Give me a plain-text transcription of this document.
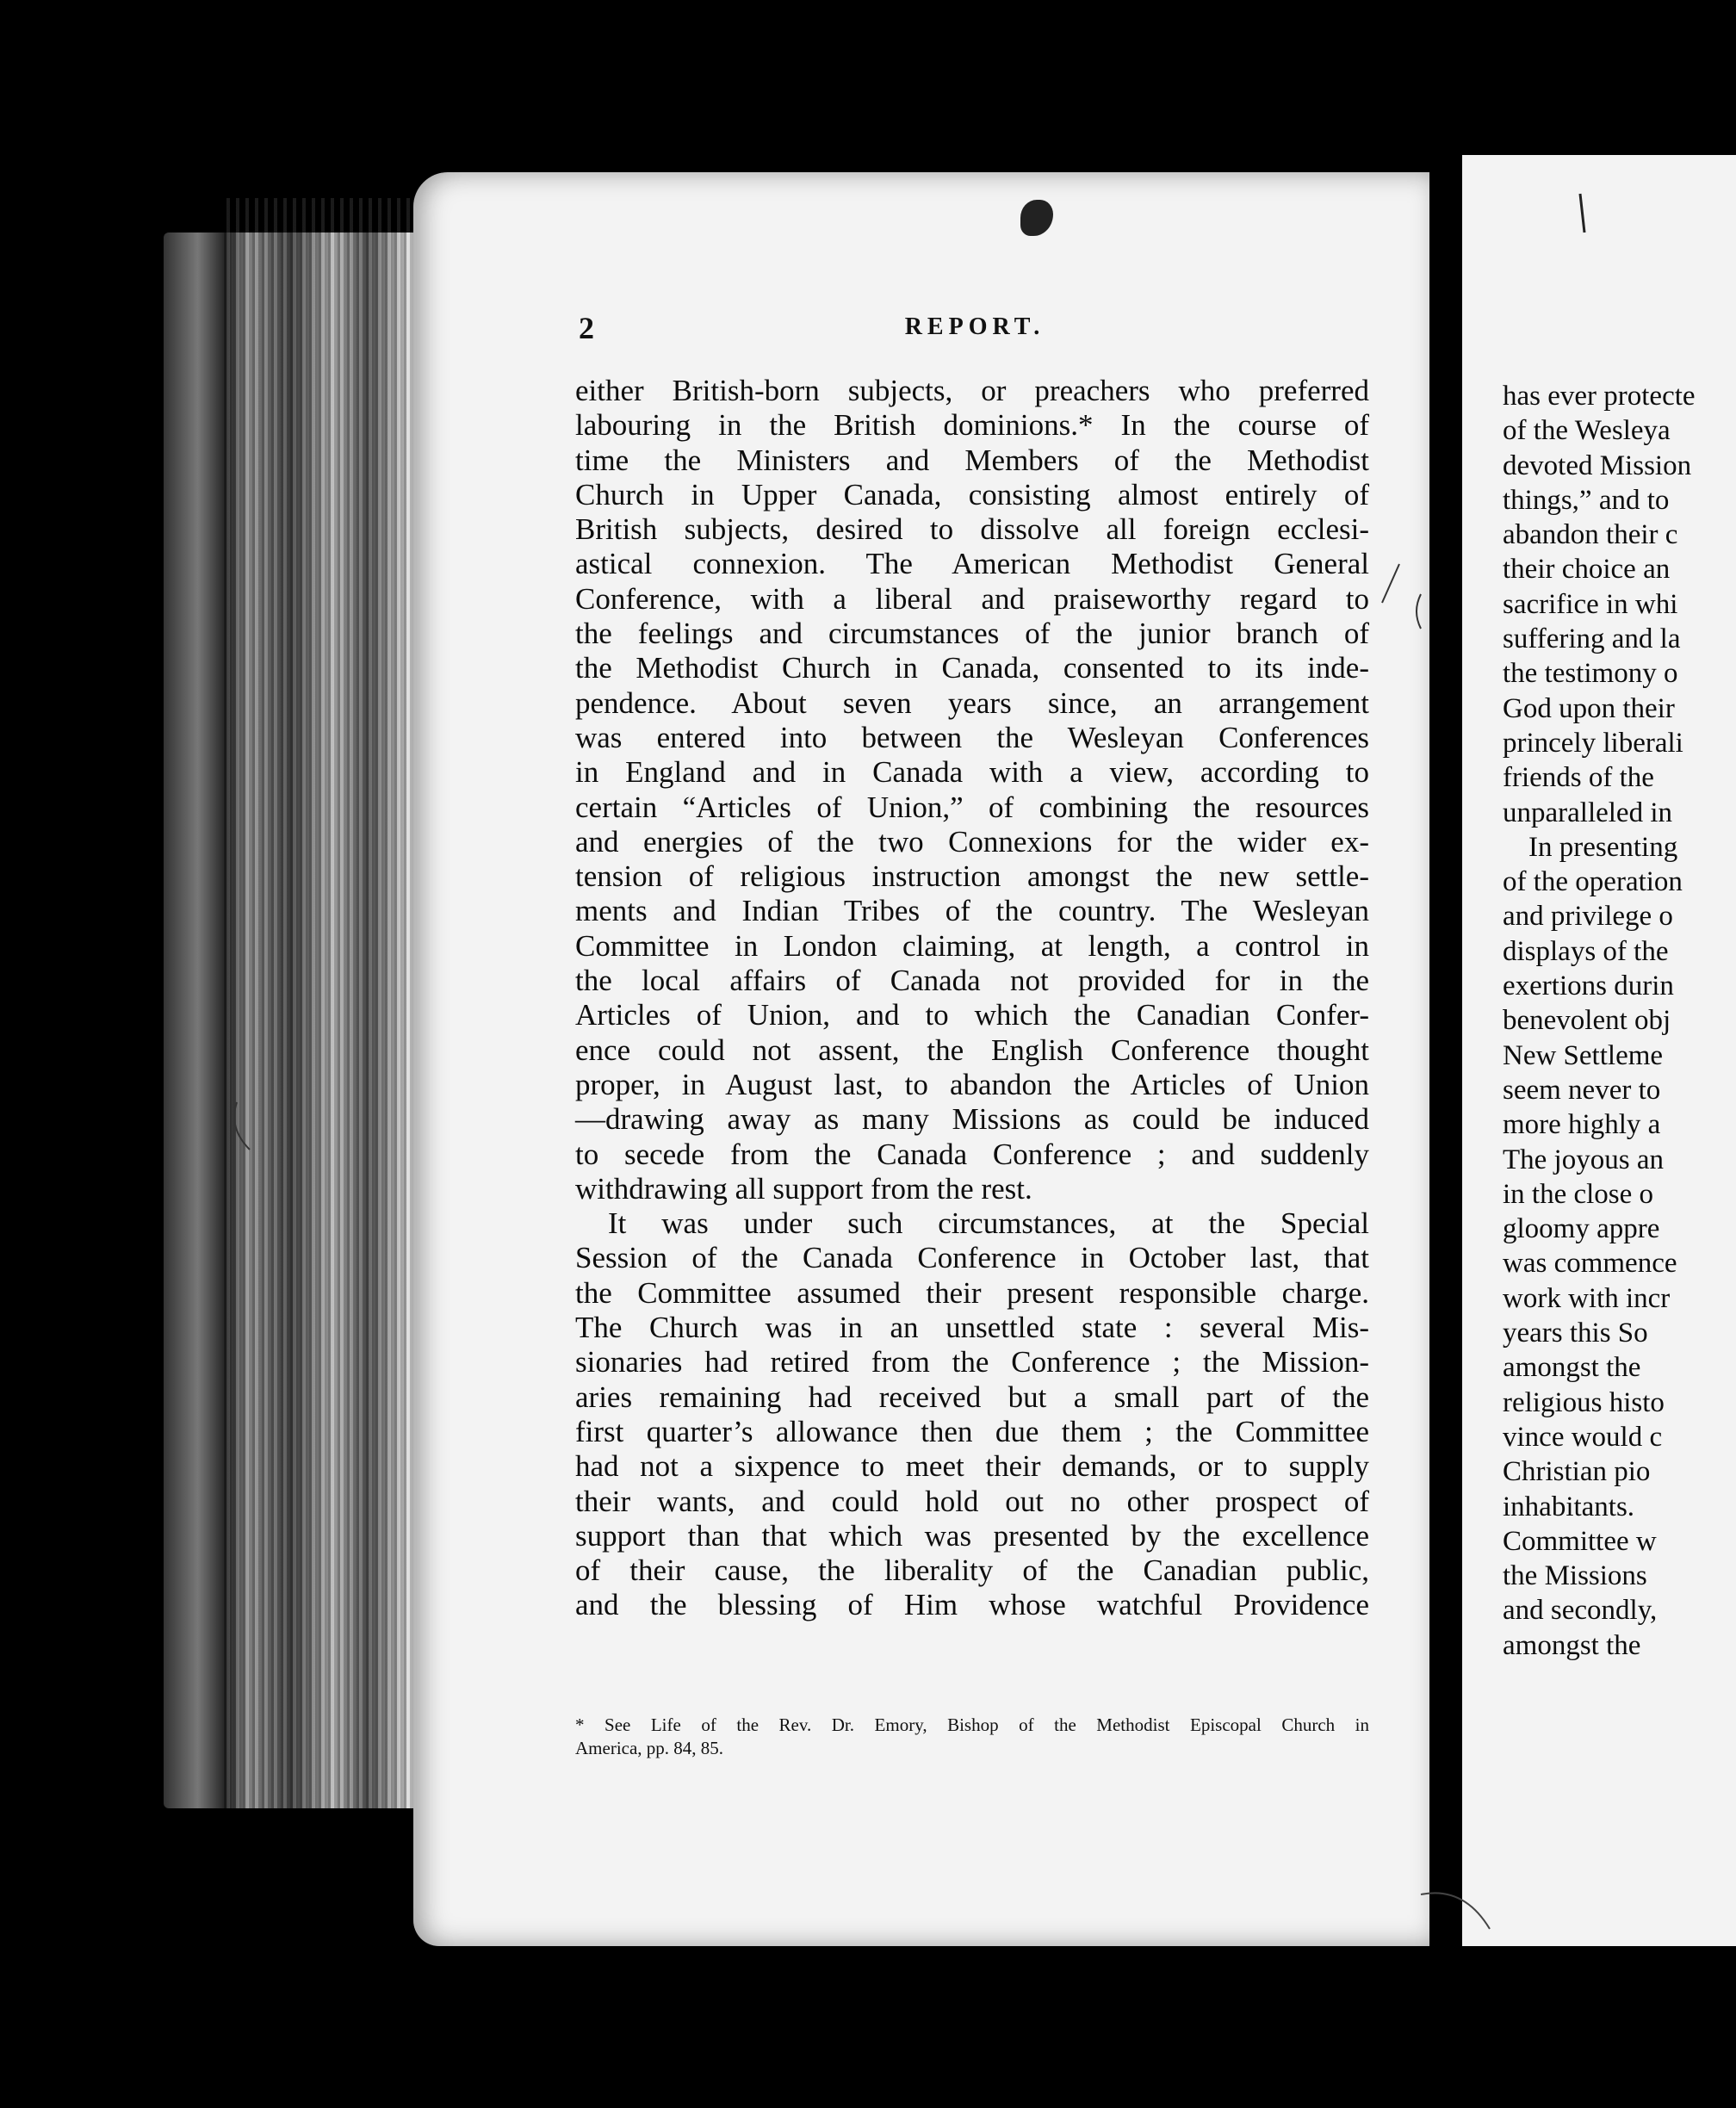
2	REPORT.
either British-born subjects, or preachers who preferred
labouring in the British dominions.* In the course of
time the Ministers and Members of the Methodist
Church in Upper Canada, consisting almost entirely of
British subjects, desired to dissolve all foreign ecclesi-
astical connexion. The American Methodist General
Conference, with a liberal and praiseworthy regard to
the feelings and circumstances of the junior branch of
the Methodist Church in Canada, consented to its inde-
pendence. About seven years since, an arrangement
was entered into between the Wesleyan Conferences
in England and in Canada with a view, according to
certain “Articles of Union,” of combining the resources
and energies of the two Connexions for the wider ex-
tension of religious instruction amongst the new settle-
ments and Indian Tribes of the country. The Wesleyan
Committee in London claiming, at length, a control in
the local affairs of Canada not provided for in the
Articles of Union, and to which the Canadian Confer-
ence could not assent, the English Conference thought
proper, in August last, to abandon the Articles of Union
—drawing away as many Missions as could be induced
to secede from the Canada Conference ; and suddenly
withdrawing all support from the rest.
It was under such circumstances, at the Special
Session of the Canada Conference in October last, that
the Committee assumed their present responsible charge.
The Church was in an unsettled state : several Mis-
sionaries had retired from the Conference ; the Mission-
aries remaining had received but a small part of the
first quarter’s allowance then due them ; the Committee
had not a sixpence to meet their demands, or to supply
their wants, and could hold out no other prospect of
support than that which was presented by the excellence
of their cause, the liberality of the Canadian public,
and the blessing of Him whose watchful Providence
* See Life of the Rev. Dr. Emory, Bishop of the Methodist Episcopal Church in
America, pp. 84, 85.
has ever protecte
of the Wesleya
devoted Mission
things,” and to
abandon their c
their choice an
sacrifice in whi
suffering and la
the testimony o
God upon their
princely liberali
friends of the
unparalleled in
In presenting
of the operation
and privilege o
displays of the
exertions durin
benevolent obj
New Settleme
seem never to
more highly a
The joyous an
in the close o
gloomy appre
was commence
work with incr
years this So
amongst the
religious histo
vince would c
Christian pio
inhabitants.
Committee w
the Missions
and secondly,
amongst the
